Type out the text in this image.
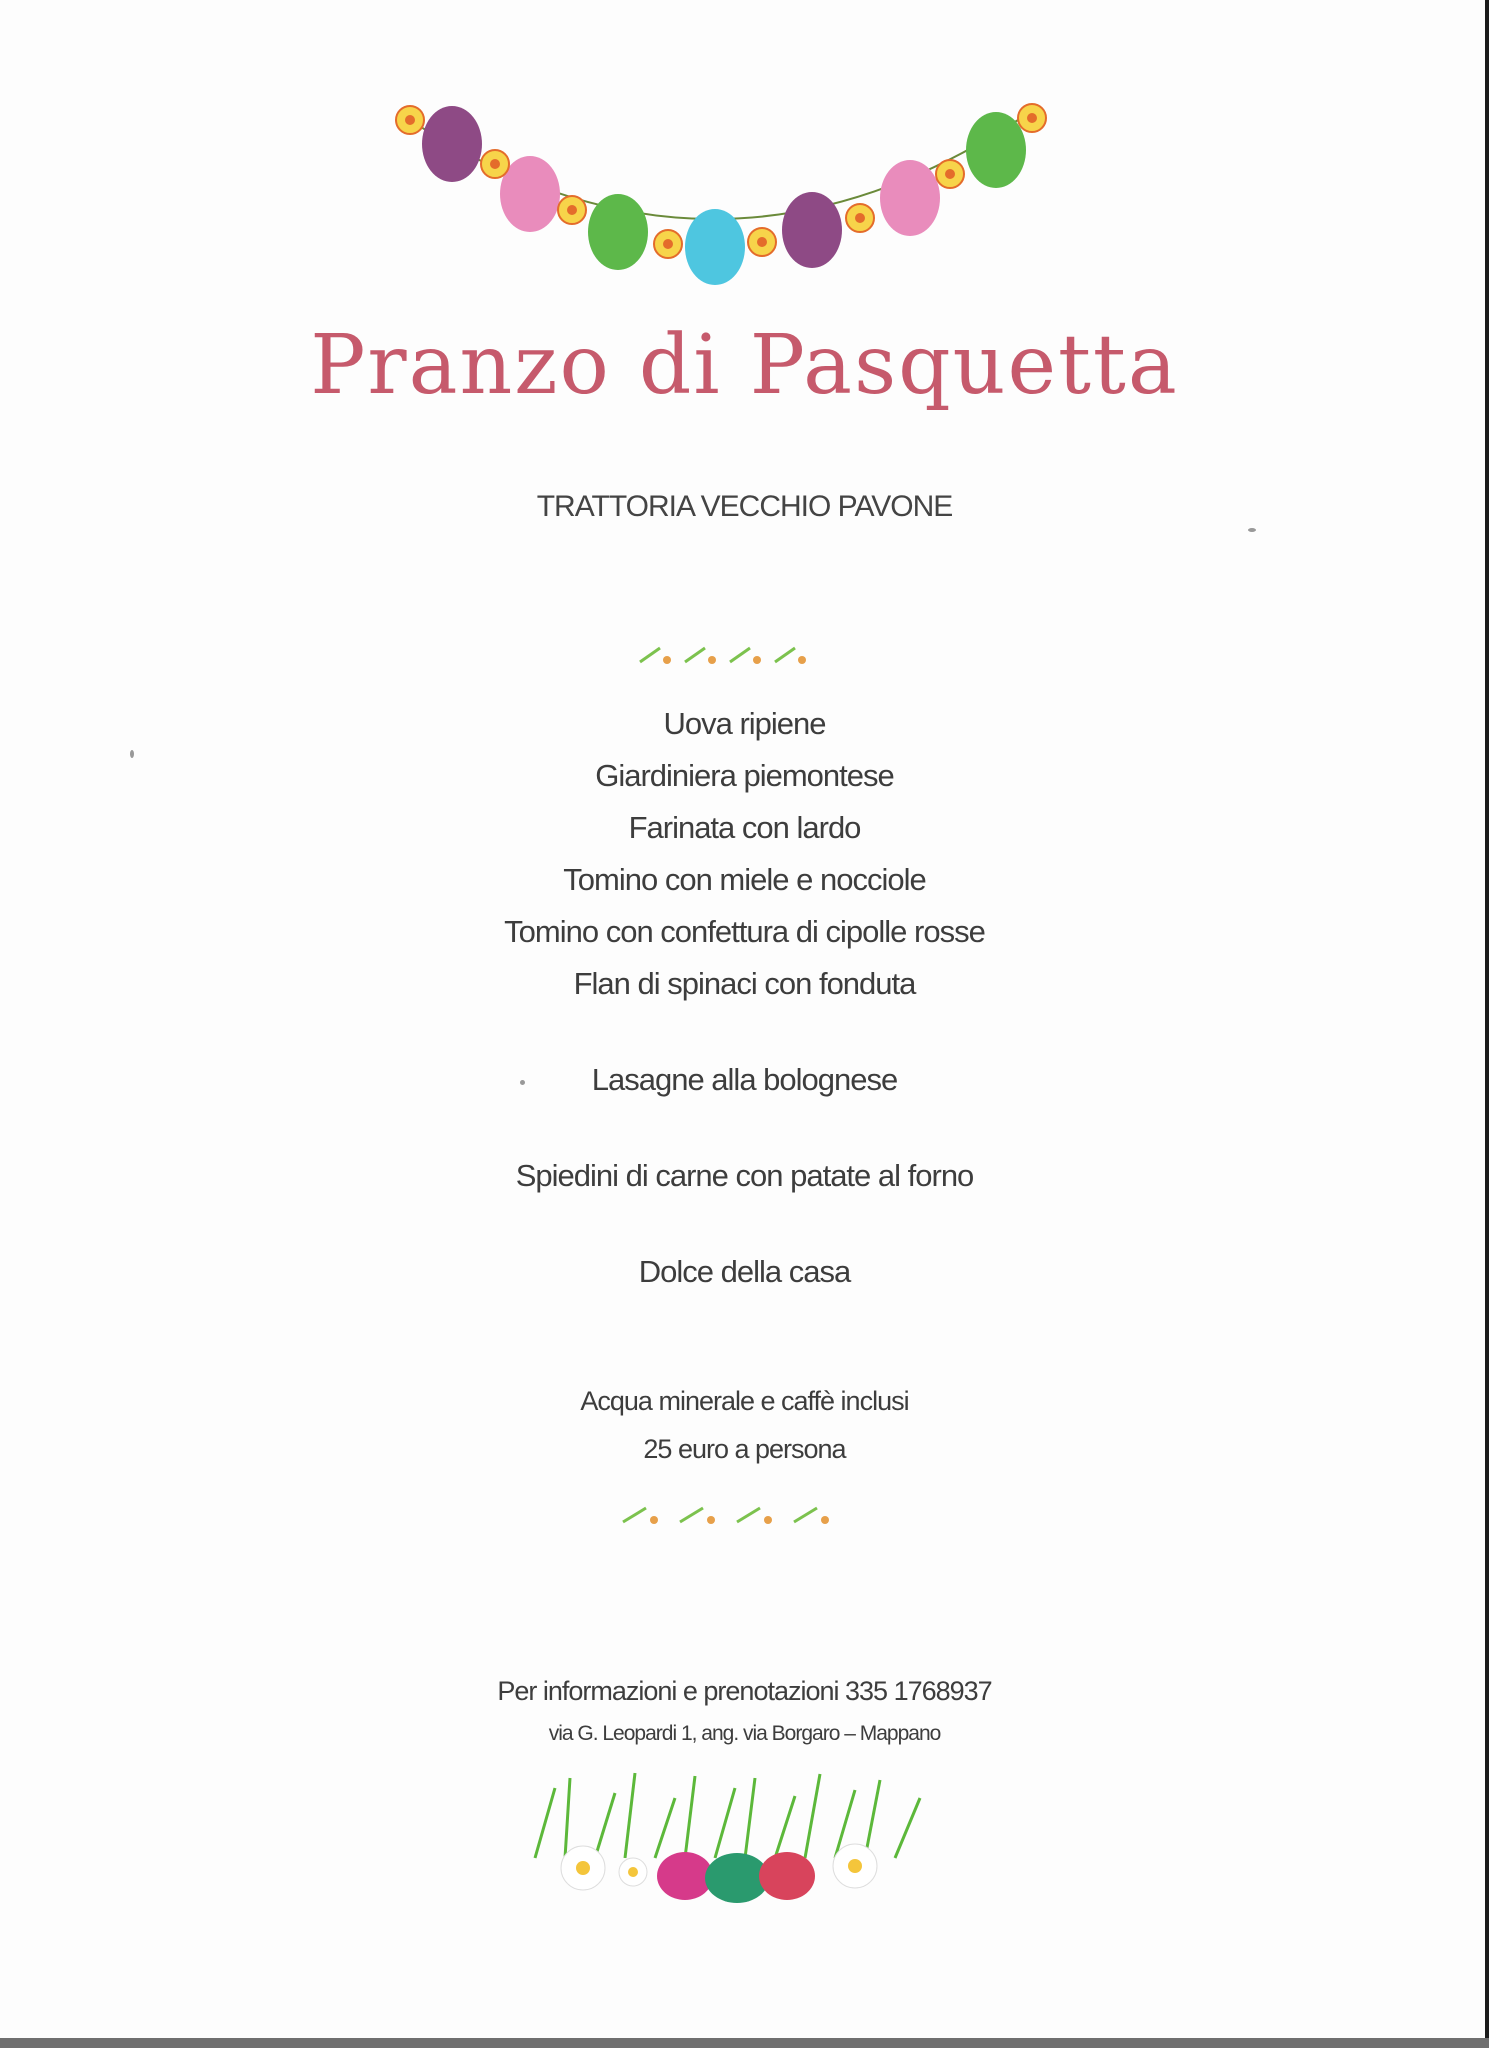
Pranzo di Pasquetta
TRATTORIA VECCHIO PAVONE
Uova ripiene
Giardiniera piemontese
Farinata con lardo
Tomino con miele e nocciole
Tomino con confettura di cipolle rosse
Flan di spinaci con fonduta
Lasagne alla bolognese
Spiedini di carne con patate al forno
Dolce della casa
Acqua minerale e caffè inclusi
25 euro a persona
Per informazioni e prenotazioni 335 1768937
via G. Leopardi 1, ang. via Borgaro – Mappano
